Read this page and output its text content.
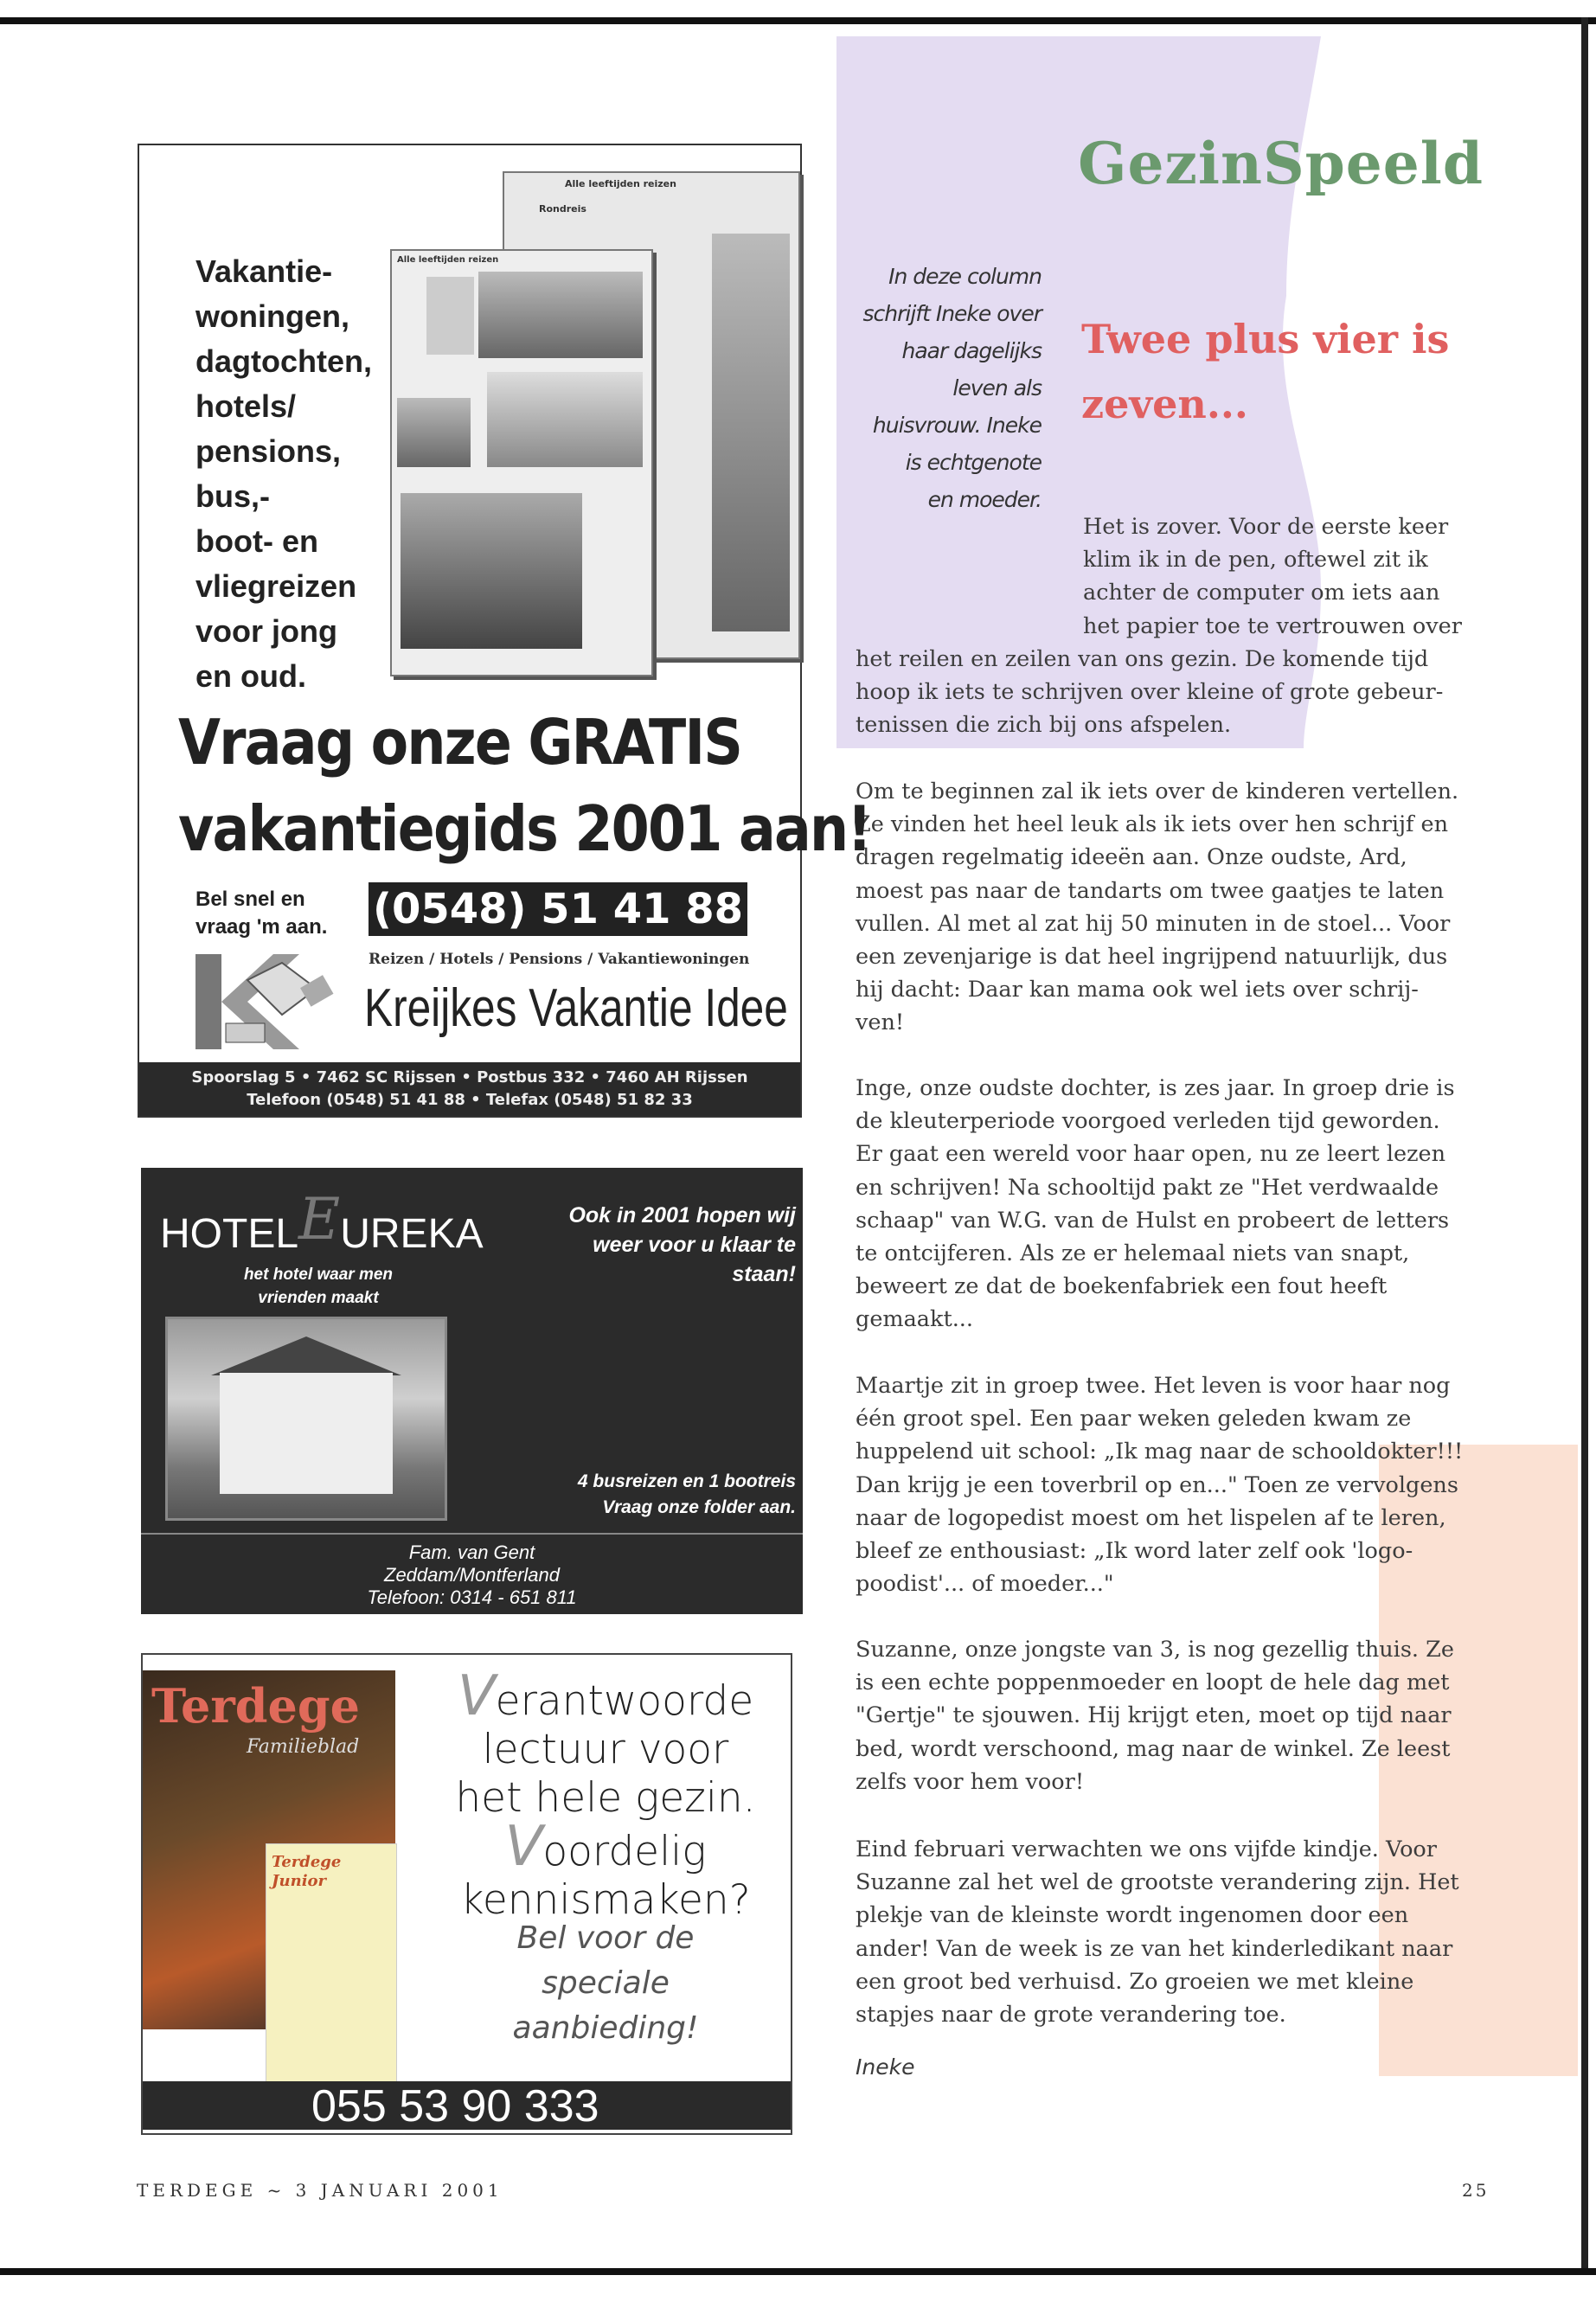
GezinSpeeld
In deze column
schrijft Ineke over
haar dagelijks
leven als
huisvrouw. Ineke
is echtgenote
en moeder.
Twee plus vier is
zeven...
Het is zover. Voor de eerste keer
klim ik in de pen, oftewel zit ik
achter de computer om iets aan
het papier toe te vertrouwen over
het reilen en zeilen van ons gezin. De komende tijd
hoop ik iets te schrijven over kleine of grote gebeur-
tenissen die zich bij ons afspelen.
Om te beginnen zal ik iets over de kinderen vertellen.
Ze vinden het heel leuk als ik iets over hen schrijf en
dragen regelmatig ideeën aan. Onze oudste, Ard,
moest pas naar de tandarts om twee gaatjes te laten
vullen. Al met al zat hij 50 minuten in de stoel... Voor
een zevenjarige is dat heel ingrijpend natuurlijk, dus
hij dacht: Daar kan mama ook wel iets over schrij-
ven!
Inge, onze oudste dochter, is zes jaar. In groep drie is
de kleuterperiode voorgoed verleden tijd geworden.
Er gaat een wereld voor haar open, nu ze leert lezen
en schrijven! Na schooltijd pakt ze "Het verdwaalde
schaap" van W.G. van de Hulst en probeert de letters
te ontcijferen. Als ze er helemaal niets van snapt,
beweert ze dat de boekenfabriek een fout heeft
gemaakt...
Maartje zit in groep twee. Het leven is voor haar nog
één groot spel. Een paar weken geleden kwam ze
huppelend uit school: „Ik mag naar de schooldokter!!!
Dan krijg je een toverbril op en..." Toen ze vervolgens
naar de logopedist moest om het lispelen af te leren,
bleef ze enthousiast: „Ik word later zelf ook 'logo-
poodist'... of moeder..."
Suzanne, onze jongste van 3, is nog gezellig thuis. Ze
is een echte poppenmoeder en loopt de hele dag met
"Gertje" te sjouwen. Hij krijgt eten, moet op tijd naar
bed, wordt verschoond, mag naar de winkel. Ze leest
zelfs voor hem voor!
Eind februari verwachten we ons vijfde kindje. Voor
Suzanne zal het wel de grootste verandering zijn. Het
plekje van de kleinste wordt ingenomen door een
ander! Van de week is ze van het kinderledikant naar
een groot bed verhuisd. Zo groeien we met kleine
stapjes naar de grote verandering toe.
Ineke
TERDEGE ~ 3 JANUARI 2001	25
Alle leeftijden reizen
Rondreis
Alle leeftijden reizen
Vakantie-
woningen,
dagtochten,
hotels/
pensions,
bus,-
boot- en
vliegreizen
voor jong
en oud.
Vraag onze GRATIS
vakantiegids 2001 aan!
Bel snel en
vraag 'm aan. (0548) 51 41 88
Reizen / Hotels / Pensions / Vakantiewoningen
Kreijkes Vakantie Idee
Spoorslag 5 • 7462 SC Rijssen • Postbus 332 • 7460 AH Rijssen
Telefoon (0548) 51 41 88 • Telefax (0548) 51 82 33
HOTELEUREKA
het hotel waar men
vrienden maakt
Ook in 2001 hopen wij
weer voor u klaar te
staan!
4 busreizen en 1 bootreis
Vraag onze folder aan.
Fam. van Gent
Zeddam/Montferland
Telefoon: 0314 - 651 811
Terdege
Familieblad
Terdege Junior
Verantwoorde
lectuur voor
het hele gezin.
Voordelig
kennismaken?
Bel voor de
speciale
aanbieding!
055 53 90 333
